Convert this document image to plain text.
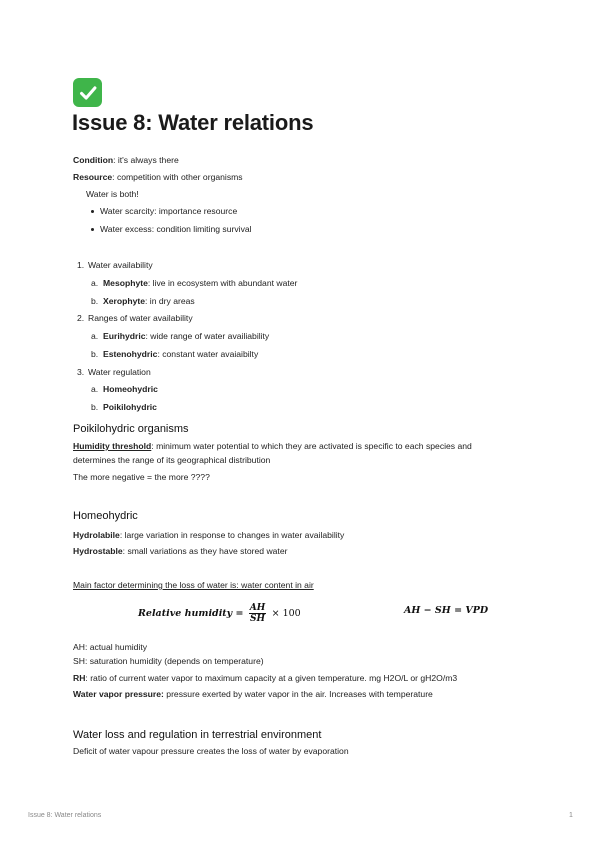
Issue 8: Water relations
Condition: it's always there
Resource: competition with other organisms
Water is both!
Water scarcity: importance resource
Water excess: condition limiting survival
1. Water availability
a. Mesophyte: live in ecosystem with abundant water
b. Xerophyte: in dry areas
2. Ranges of water availability
a. Eurihydric: wide range of water availiability
b. Estenohydric: constant water avaiaibilty
3. Water regulation
a. Homeohydric
b. Poikilohydric
Poikilohydric organisms
Humidity threshold: minimum water potential to which they are activated is specific to each species and
determines the range of its geographical distribution
The more negative = the more ????
Homeohydric
Hydrolabile: large variation in response to changes in water availability
Hydrostable: small variations as they have stored water
Main factor determining the loss of water is: water content in air
Relative humidity = $\frac{AH}{SH} \times 100$	AH − SH = VPD
AH: actual humidity
SH: saturation humidity (depends on temperature)
RH: ratio of current water vapor to maximum capacity at a given temperature. mg H2O/L or gH2O/m3
Water vapor pressure: pressure exerted by water vapor in the air. Increases with temperature
Water loss and regulation in terrestrial environment
Deficit of water vapour pressure creates the loss of water by evaporation
Issue 8: Water relations	1
